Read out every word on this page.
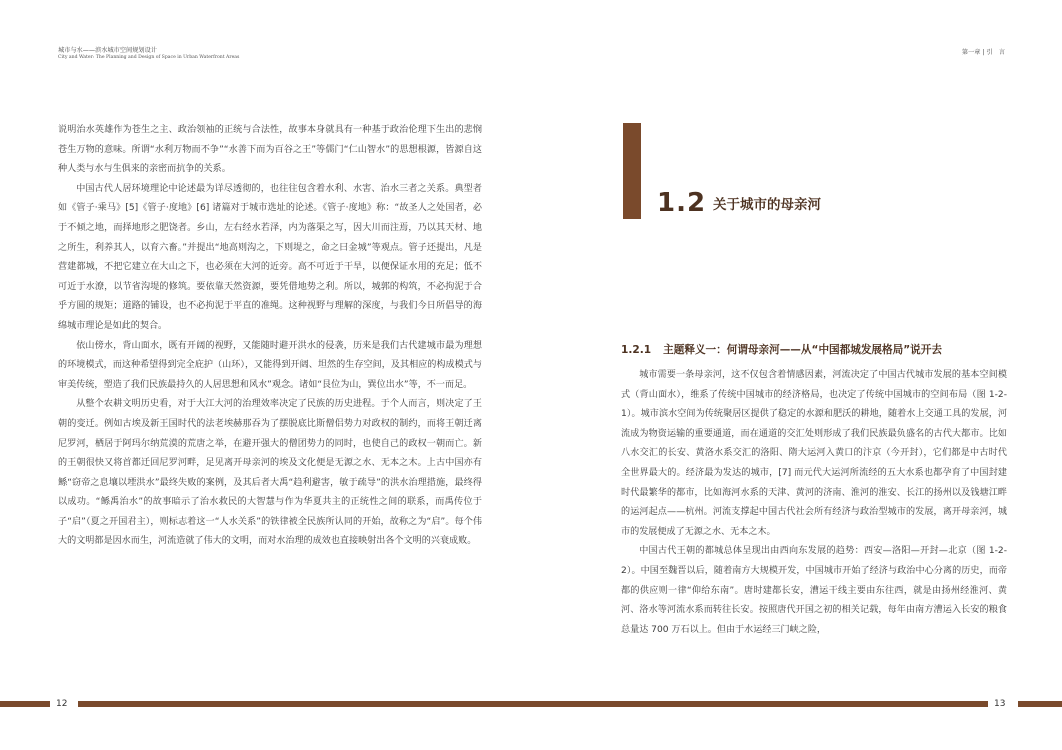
城市与水——滨水城市空间规划设计
City and Water: The Planning and Design of Space in Urban Waterfront Areas

说明治水英雄作为苍生之主、政治领袖的正统与合法性，故事本身就具有一种基于政治伦理下生出的悲悯苍生万物的意味。所谓“水利万物而不争”“水善下而为百谷之王”等儒门“仁山智水”的思想根源，皆源自这种人类与水与生俱来的亲密而抗争的关系。

中国古代人居环境理论中论述最为详尽透彻的，也往往包含着水利、水害、治水三者之关系。典型者如《管子·乘马》[5]《管子·度地》[6] 诸篇对于城市选址的论述。《管子·度地》称：“故圣人之处国者，必于不倾之地，而择地形之肥饶者。乡山，左右经水若泽，内为落渠之写，因大川而注焉，乃以其天材、地之所生，利养其人，以育六畜。”并提出“地高则沟之，下则堤之，命之曰金城”等观点。管子还提出，凡是营建都城，不把它建立在大山之下，也必须在大河的近旁。高不可近于干旱，以便保证水用的充足；低不可近于水潦，以节省沟堤的修筑。要依靠天然资源，要凭借地势之利。所以，城郭的构筑，不必拘泥于合乎方圆的规矩；道路的铺设，也不必拘泥于平直的准绳。这种视野与理解的深度，与我们今日所倡导的海绵城市理论是如此的契合。

依山傍水，背山面水，既有开阔的视野，又能随时避开洪水的侵袭，历来是我们古代建城市最为理想的环境模式，而这种希望得到完全庇护（山环），又能得到开阔、坦然的生存空间，及其相应的构成模式与审美传统，塑造了我们民族最持久的人居思想和风水”观念。诸如“艮位为山，巽位出水”等，不一而足。

从整个农耕文明历史看，对于大江大河的治理效率决定了民族的历史进程。于个人而言，则决定了王朝的变迁。例如古埃及新王国时代的法老埃赫那吞为了摆脱底比斯僧侣势力对政权的制约，而将王朝迁离尼罗河，栖居于阿玛尔纳荒漠的荒唐之举，在避开强大的僧团势力的同时，也使自己的政权一朝而亡。新的王朝很快又将首都迁回尼罗河畔，足见离开母亲河的埃及文化便是无源之水、无本之木。上古中国亦有鲧“窃帝之息壤以堙洪水”最终失败的案例，及其后者大禹“趋利避害，敏于疏导”的洪水治理措施，最终得以成功。“鲧禹治水”的故事暗示了治水救民的大智慧与作为华夏共主的正统性之间的联系，而禹传位于子“启”（夏之开国君主），则标志着这一“人水关系”的铁律被全民族所认同的开始，故称之为“启”。每个伟大的文明都是因水而生，河流造就了伟大的文明，而对水治理的成效也直接映射出各个文明的兴衰成败。

第一章 | 引　言
1.2 关于城市的母亲河
1.2.1 主题释义一：何谓母亲河——从“中国都城发展格局”说开去

城市需要一条母亲河，这不仅包含着情感因素，河流决定了中国古代城市发展的基本空间模式（背山面水），维系了传统中国城市的经济格局，也决定了传统中国城市的空间布局（图 1-2-1）。城市滨水空间为传统聚居区提供了稳定的水源和肥沃的耕地，随着水上交通工具的发展，河流成为物资运输的重要通道，而在通道的交汇处则形成了我们民族最负盛名的古代大都市。比如八水交汇的长安、黄洛水系交汇的洛阳、隋大运河入黄口的汴京（今开封），它们都是中古时代全世界最大的。经济最为发达的城市，[7] 而元代大运河所流经的五大水系也都孕育了中国封建时代最繁华的都市，比如海河水系的天津、黄河的济南、淮河的淮安、长江的扬州以及钱塘江畔的运河起点——杭州。河流支撑起中国古代社会所有经济与政治型城市的发展，离开母亲河，城市的发展便成了无源之水、无本之木。

中国古代王朝的都城总体呈现出由西向东发展的趋势：西安—洛阳—开封—北京（图 1-2-2）。中国至魏晋以后，随着南方大规模开发，中国城市开始了经济与政治中心分离的历史，而帝都的供应则一律“仰给东南”。唐时建都长安，漕运干线主要由东往西，就是由扬州经淮河、黄河、洛水等河流水系而转往长安。按照唐代开国之初的相关记载，每年由南方漕运入长安的粮食总量达 700 万石以上。但由于水运经三门峡之险，

12	13
